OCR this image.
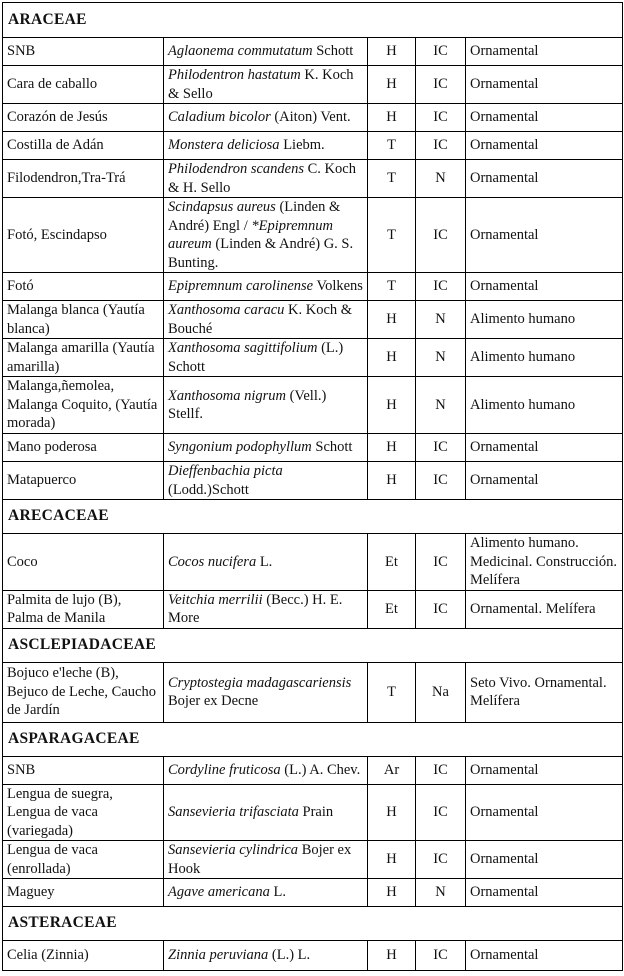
ARACEAE				
SNB	Aglaonema commutatum Schott	H	IC	Ornamental
Cara de caballo	Philodentron hastatum K. Koch & Sello	H	IC	Ornamental
Corazón de Jesús	Caladium bicolor (Aiton) Vent.	H	IC	Ornamental
Costilla de Adán	Monstera deliciosa Liebm.	T	IC	Ornamental
Filodendron,Tra-Trá	Philodendron scandens C. Koch & H. Sello	T	N	Ornamental
Fotó, Escindapso	Scindapsus aureus (Linden & André) Engl / *Epipremnum aureum (Linden & André) G. S. Bunting.	T	IC	Ornamental
Fotó	Epipremnum carolinense Volkens	T	IC	Ornamental
Malanga blanca (Yautía blanca)	Xanthosoma caracu K. Koch & Bouché	H	N	Alimento humano
Malanga amarilla (Yautía amarilla)	Xanthosoma sagittifolium (L.) Schott	H	N	Alimento humano
Malanga,ñemolea, Malanga Coquito, (Yautía morada)	Xanthosoma nigrum (Vell.) Stellf.	H	N	Alimento humano
Mano poderosa	Syngonium podophyllum Schott	H	IC	Ornamental
Matapuerco	Dieffenbachia picta (Lodd.)Schott	H	IC	Ornamental
ARECACEAE				
Coco	Cocos nucifera L.	Et	IC	Alimento humano. Medicinal. Construcción. Melífera
Palmita de lujo (B), Palma de Manila	Veitchia merrilii (Becc.) H. E. More	Et	IC	Ornamental. Melífera
ASCLEPIADACEAE				
Bojuco e'leche (B), Bejuco de Leche, Caucho de Jardín	Cryptostegia madagascariensis Bojer ex Decne	T	Na	Seto Vivo. Ornamental. Melífera
ASPARAGACEAE				
SNB	Cordyline fruticosa (L.) A. Chev.	Ar	IC	Ornamental
Lengua de suegra, Lengua de vaca (variegada)	Sansevieria trifasciata Prain	H	IC	Ornamental
Lengua de vaca (enrollada)	Sansevieria cylindrica Bojer ex Hook	H	IC	Ornamental
Maguey	Agave americana L.	H	N	Ornamental
ASTERACEAE				
Celia (Zinnia)	Zinnia peruviana (L.) L.	H	IC	Ornamental
